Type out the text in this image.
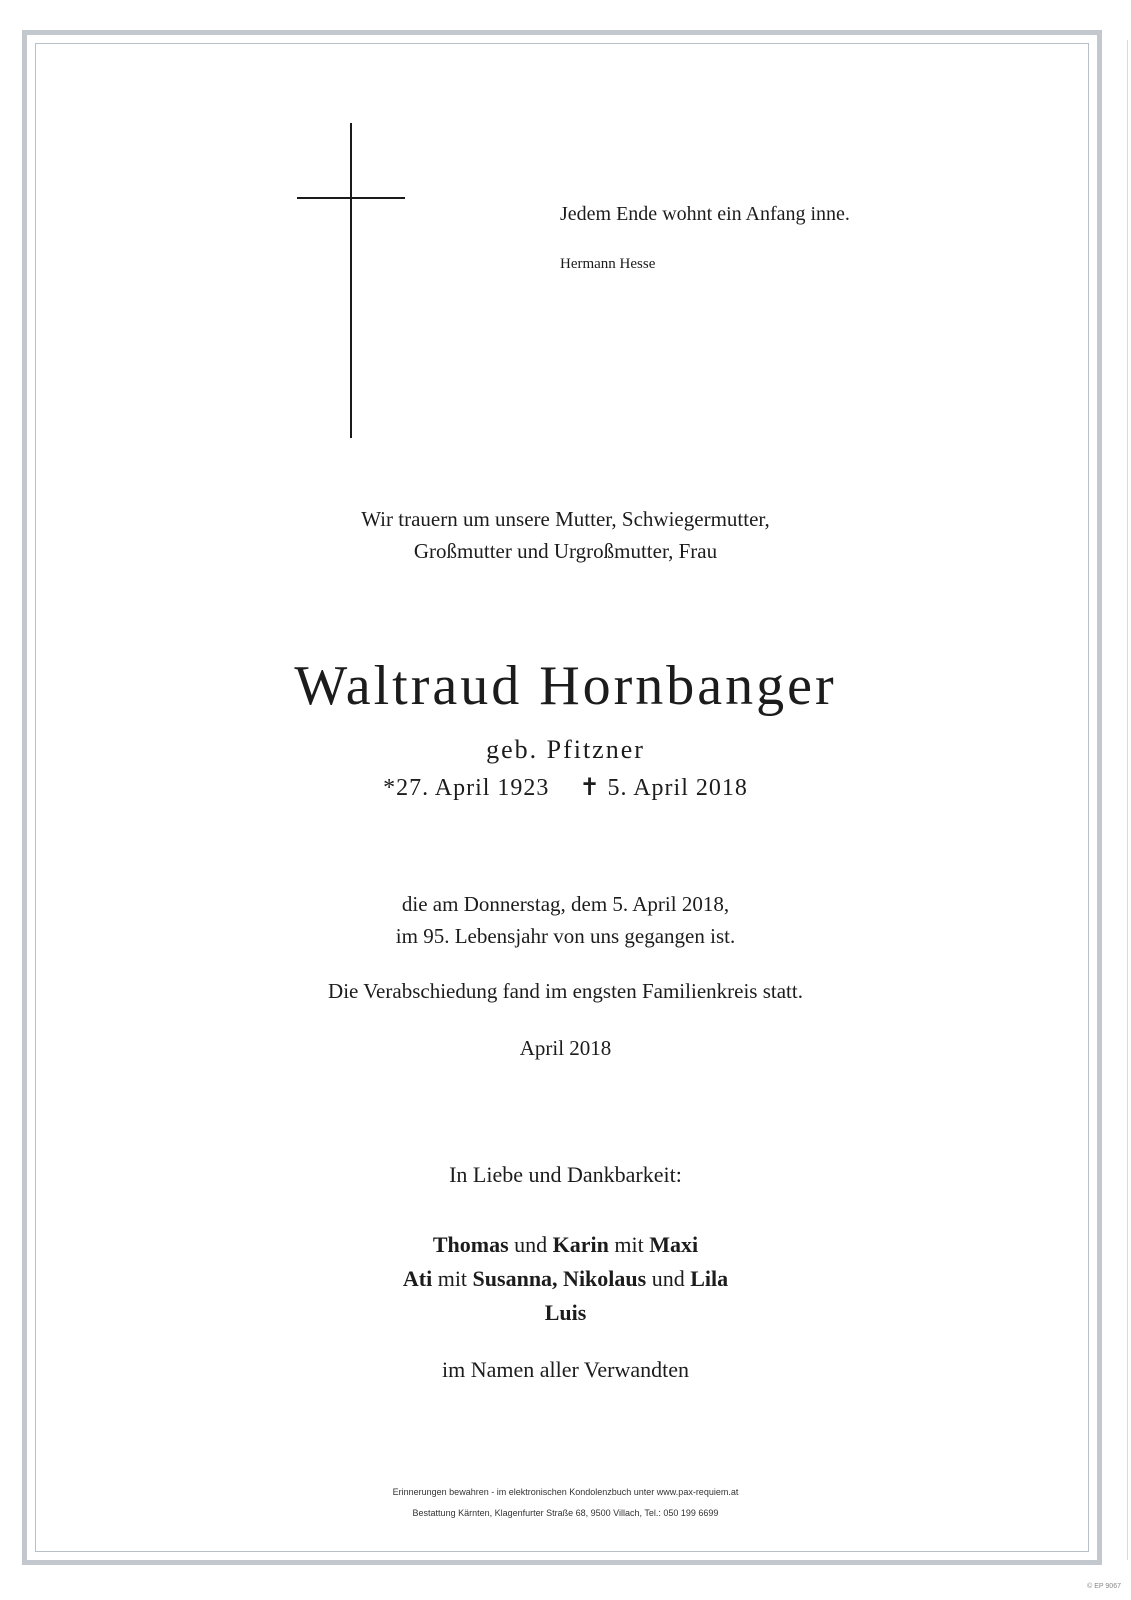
Jedem Ende wohnt ein Anfang inne.
Hermann Hesse
Wir trauern um unsere Mutter, Schwiegermutter,
Großmutter und Urgroßmutter, Frau
Waltraud Hornbanger
geb. Pfitzner
*27. April 1923 ✝ 5. April 2018
die am Donnerstag, dem 5. April 2018,
im 95. Lebensjahr von uns gegangen ist.
Die Verabschiedung fand im engsten Familienkreis statt.
April 2018
In Liebe und Dankbarkeit:
Thomas und Karin mit Maxi
Ati mit Susanna, Nikolaus und Lila
Luis
im Namen aller Verwandten
Erinnerungen bewahren - im elektronischen Kondolenzbuch unter www.pax-requiem.at
Bestattung Kärnten, Klagenfurter Straße 68, 9500 Villach, Tel.: 050 199 6699
© EP 9067
